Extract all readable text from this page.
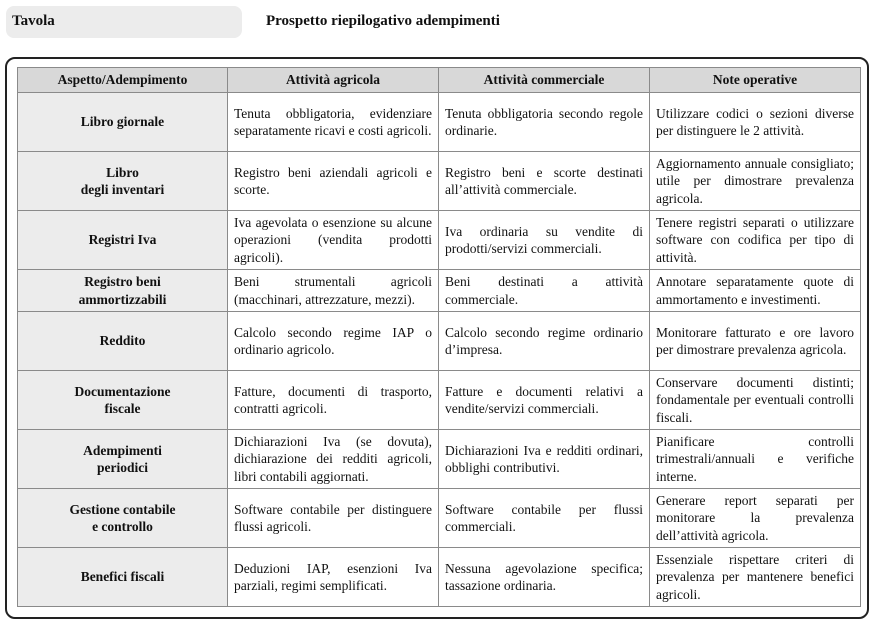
Tavola	Prospetto riepilogativo adempimenti
Aspetto/Adempimento	Attività agricola	Attività commerciale	Note operative

Libro giornale	Tenuta obbligatoria, evidenziare separatamente ricavi e costi agricoli.	Tenuta obbligatoria secondo regole ordinarie.	Utilizzare codici o sezioni diverse per distinguere le 2 attività.

Libro
degli inventari	Registro beni aziendali agricoli e scorte.	Registro beni e scorte destinati all’attività commerciale.	Aggiornamento annuale consigliato; utile per dimostrare prevalenza agricola.

Registri Iva	Iva agevolata o esenzione su alcune operazioni (vendita prodotti agricoli).	Iva ordinaria su vendite di prodotti/servizi commerciali.	Tenere registri separati o utilizzare software con codifica per tipo di attività.

Registro beni
ammortizzabili	Beni strumentali agricoli (macchinari, attrezzature, mezzi).	Beni destinati a attività commerciale.	Annotare separatamente quote di ammortamento e investimenti.

Reddito	Calcolo secondo regime IAP o ordinario agricolo.	Calcolo secondo regime ordinario d’impresa.	Monitorare fatturato e ore lavoro per dimostrare prevalenza agricola.

Documentazione
fiscale	Fatture, documenti di trasporto, contratti agricoli.	Fatture e documenti relativi a vendite/servizi commerciali.	Conservare documenti distinti; fondamentale per eventuali controlli fiscali.

Adempimenti
periodici	Dichiarazioni Iva (se dovuta), dichiarazione dei redditi agricoli, libri contabili aggiornati.	Dichiarazioni Iva e redditi ordinari, obblighi contributivi.	Pianificare controlli trimestrali/annuali e verifiche interne.

Gestione contabile
e controllo	Software contabile per distinguere flussi agricoli.	Software contabile per flussi commerciali.	Generare report separati per monitorare la prevalenza dell’attività agricola.

Benefici fiscali	Deduzioni IAP, esenzioni Iva parziali, regimi semplificati.	Nessuna agevolazione specifica; tassazione ordinaria.	Essenziale rispettare criteri di prevalenza per mantenere benefici agricoli.
